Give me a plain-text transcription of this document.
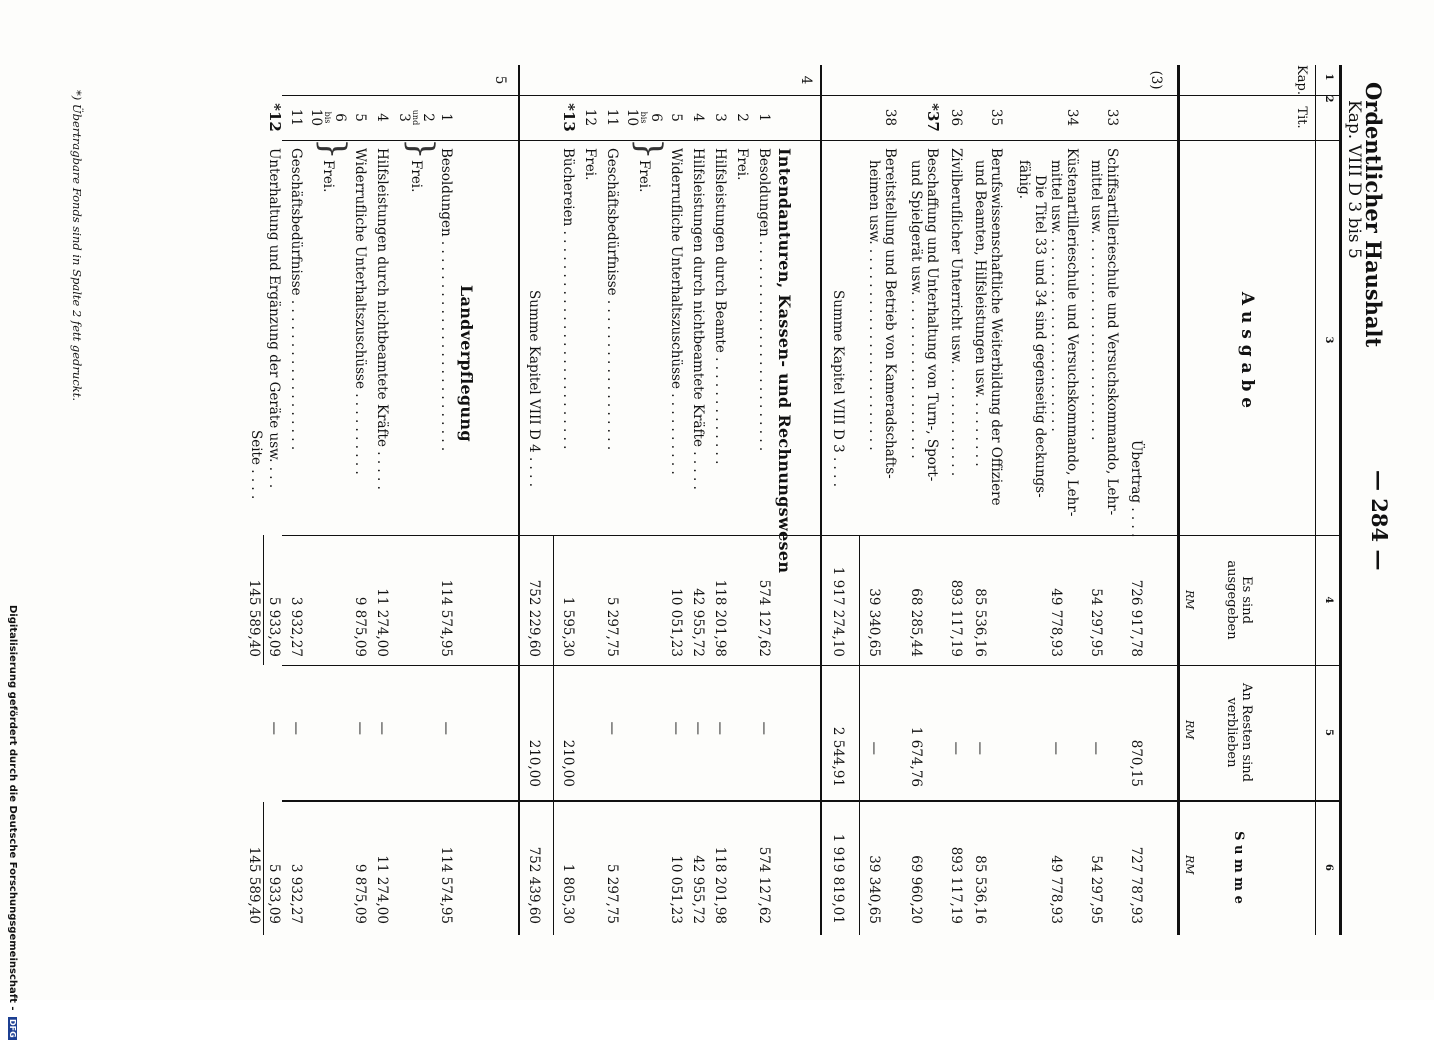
Ordentlicher Haushalt
Kap. VIII D 3 bis 5
— 284 —
1
2
3
4
5
6
Kap.
Tit.
A u s g a b e
Es sind ausgegeben
An Resten sind verblieben
S u m m e
RM
RM
RM
(3)
Übertrag . . . .
726 917,78
870,15
727 787,93
33
Schiffsartillerieschule und Versuchskommando, Lehr-
mittel usw. . . . . . . . . . . . . . . . . . . . . . . . .
54 297,95
—
54 297,95
34
Küstenartillerieschule und Versuchskommando, Lehr-
mittel usw. . . . . . . . . . . . . . . . . . . . . . . .
Die Titel 33 und 34 sind gegenseitig deckungs-
fähig.
49 778,93
—
49 778,93
35
Berufswissenschaftliche Weiterbildung der Offiziere
und Beamten, Hilfsleistungen usw. . . . . . . . .
85 536,16
—
85 536,16
36
Zivilberuflicher Unterricht usw. . . . . . . . . . . . . .
893 117,19
—
893 117,19
*37
Beschaffung und Unterhaltung von Turn-, Sport-
und Spielgerät usw. . . . . . . . . . . . . . . . . . . .
68 285,44
1 674,76
69 960,20
38
Bereitstellung und Betrieb von Kameradschafts-
heimen usw. . . . . . . . . . . . . . . . . . . . . . . . .
39 340,65
—
39 340,65
Summe Kapitel VIII D 3 . . . .
1 917 274,10
2 544,91
1 919 819,01
4
Intendanturen, Kassen- und Rechnungswesen
1
Besoldungen . . . . . . . . . . . . . . . . . . . . . . . . .
574 127,62
—
574 127,62
2
Frei.
3
Hilfsleistungen durch Beamte . . . . . . . . . . . . .
118 201,98
—
118 201,98
4
Hilfsleistungen durch nichtbeamtete Kräfte . . . . .
42 955,72
—
42 955,72
5
Widerrufliche Unterhaltszuschüsse . . . . . . . . . .
10 051,23
—
10 051,23
6
bis
10
}
Frei.
11
Geschäftsbedürfnisse . . . . . . . . . . . . . . . . . .
5 297,75
—
5 297,75
12
Frei.
*13
Büchereien . . . . . . . . . . . . . . . . . . . . . . . . . .
1 595,30
210,00
1 805,30
Summe Kapitel VIII D 4 . . . .
752 229,60
210,00
752 439,60
5
Landverpflegung
1
Besoldungen . . . . . . . . . . . . . . . . . . . . . . . . .
114 574,95
—
114 574,95
2
und
3
}
Frei.
4
Hilfsleistungen durch nichtbeamtete Kräfte . . . . .
11 274,00
—
11 274,00
5
Widerrufliche Unterhaltszuschüsse . . . . . . . . . .
9 875,09
—
9 875,09
6
bis
10
}
Frei.
11
Geschäftsbedürfnisse . . . . . . . . . . . . . . . . . .
3 932,27
—
3 932,27
*12
Unterhaltung und Ergänzung der Geräte usw. . . .
5 933,09
—
5 933,09
Seite . . . .
145 589,40
145 589,40
*) Übertragbare Fonds sind in Spalte 2 fett gedruckt.
Digitalisierung gefördert durch die Deutsche Forschungsgemeinschaft - DFG
